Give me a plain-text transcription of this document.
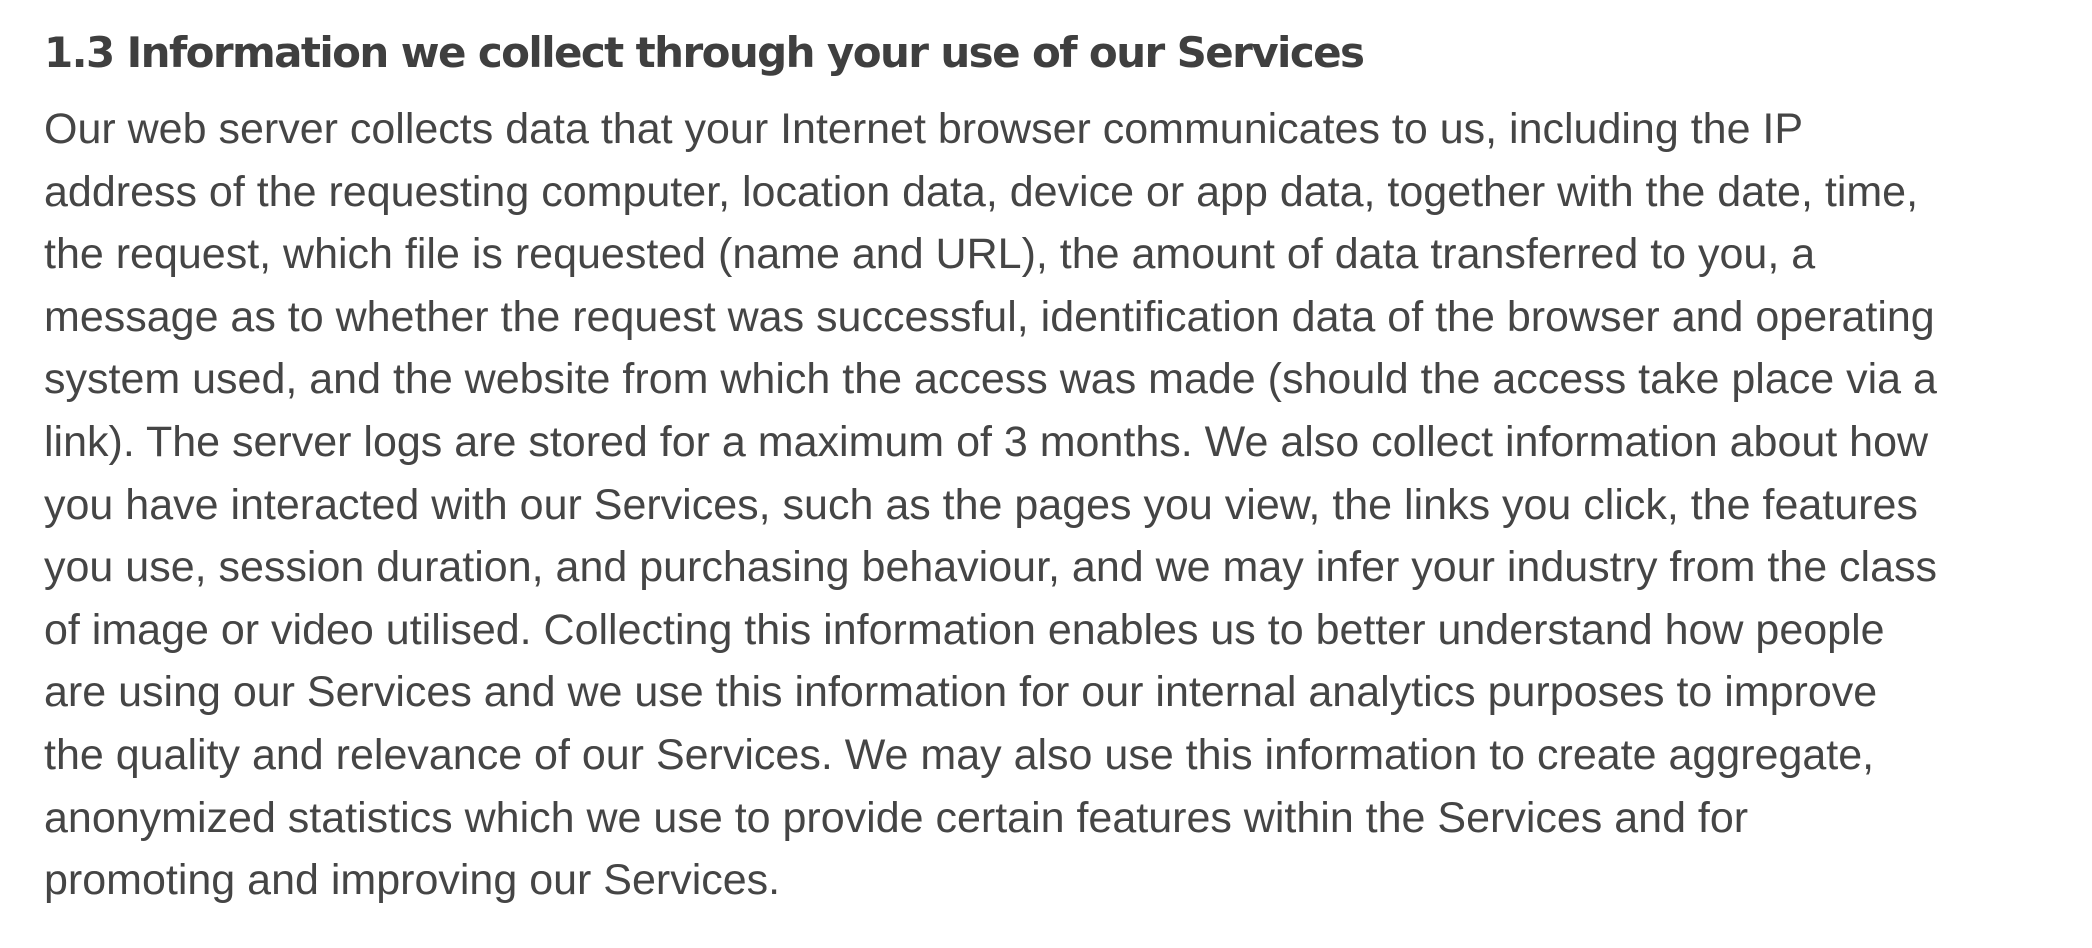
1.3 Information we collect through your use of our Services

Our web server collects data that your Internet browser communicates to us, including the IP
address of the requesting computer, location data, device or app data, together with the date, time,
the request, which file is requested (name and URL), the amount of data transferred to you, a
message as to whether the request was successful, identification data of the browser and operating
system used, and the website from which the access was made (should the access take place via a
link). The server logs are stored for a maximum of 3 months. We also collect information about how
you have interacted with our Services, such as the pages you view, the links you click, the features
you use, session duration, and purchasing behaviour, and we may infer your industry from the class
of image or video utilised. Collecting this information enables us to better understand how people
are using our Services and we use this information for our internal analytics purposes to improve
the quality and relevance of our Services. We may also use this information to create aggregate,
anonymized statistics which we use to provide certain features within the Services and for
promoting and improving our Services.
